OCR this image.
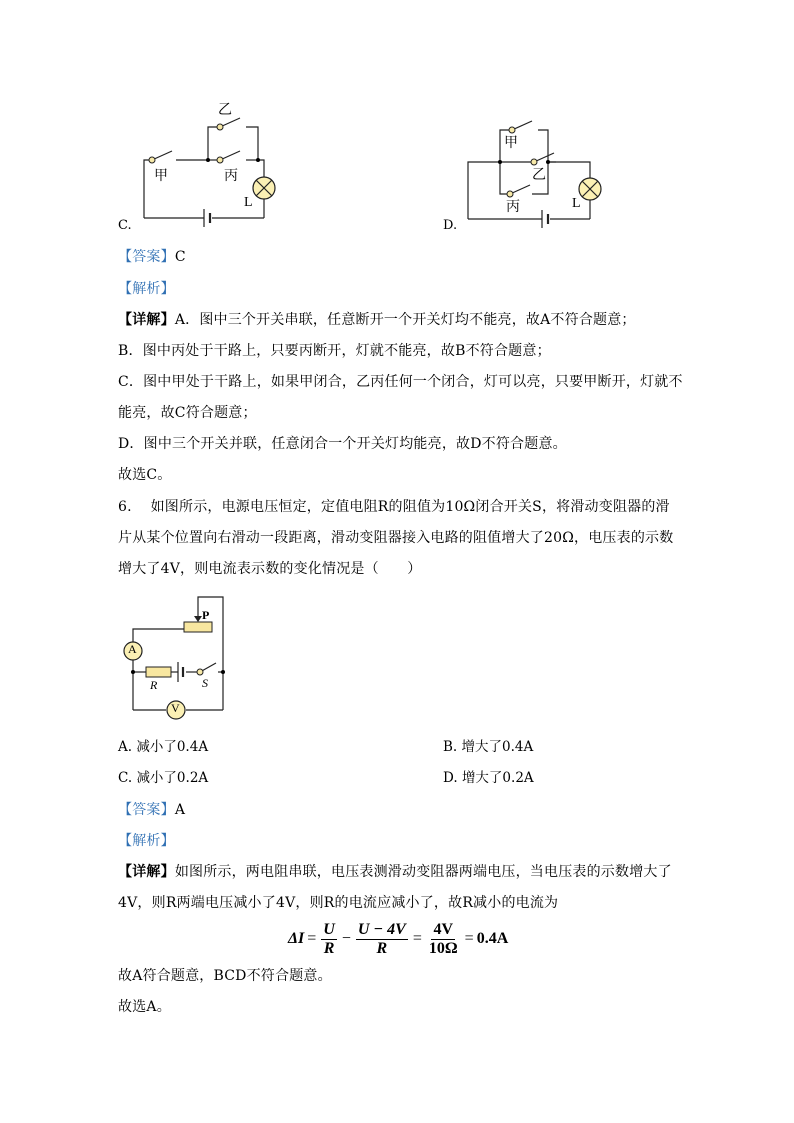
甲
乙
丙
L
C.
甲
乙
丙	L
D.
【答案】C
【解析】
【详解】A．图中三个开关串联，任意断开一个开关灯均不能亮，故A不符合题意；
B．图中丙处于干路上，只要丙断开，灯就不能亮，故B不符合题意；
C．图中甲处于干路上，如果甲闭合，乙丙任何一个闭合，灯可以亮，只要甲断开，灯就不
能亮，故C符合题意；
D．图中三个开关并联，任意闭合一个开关灯均能亮，故D不符合题意。
故选C。
6.　 如图所示，电源电压恒定，定值电阻R的阻值为10Ω闭合开关S，将滑动变阻器的滑
片从某个位置向右滑动一段距离，滑动变阻器接入电路的阻值增大了20Ω，电压表的示数
增大了4V，则电流表示数的变化情况是（　　）
A
V
P
R	S
A. 减小了0.4A	B. 增大了0.4A
C. 减小了0.2A	D. 增大了0.2A
【答案】A
【解析】
【详解】如图所示，两电阻串联，电压表测滑动变阻器两端电压，当电压表的示数增大了
4V，则R两端电压减小了4V，则R的电流应减小了，故R减小的电流为
$\Delta I = \frac{U}{R} - \frac{U - 4V}{R} = \frac{4V}{10\Omega} = 0.4A$
故A符合题意，BCD不符合题意。
故选A。
